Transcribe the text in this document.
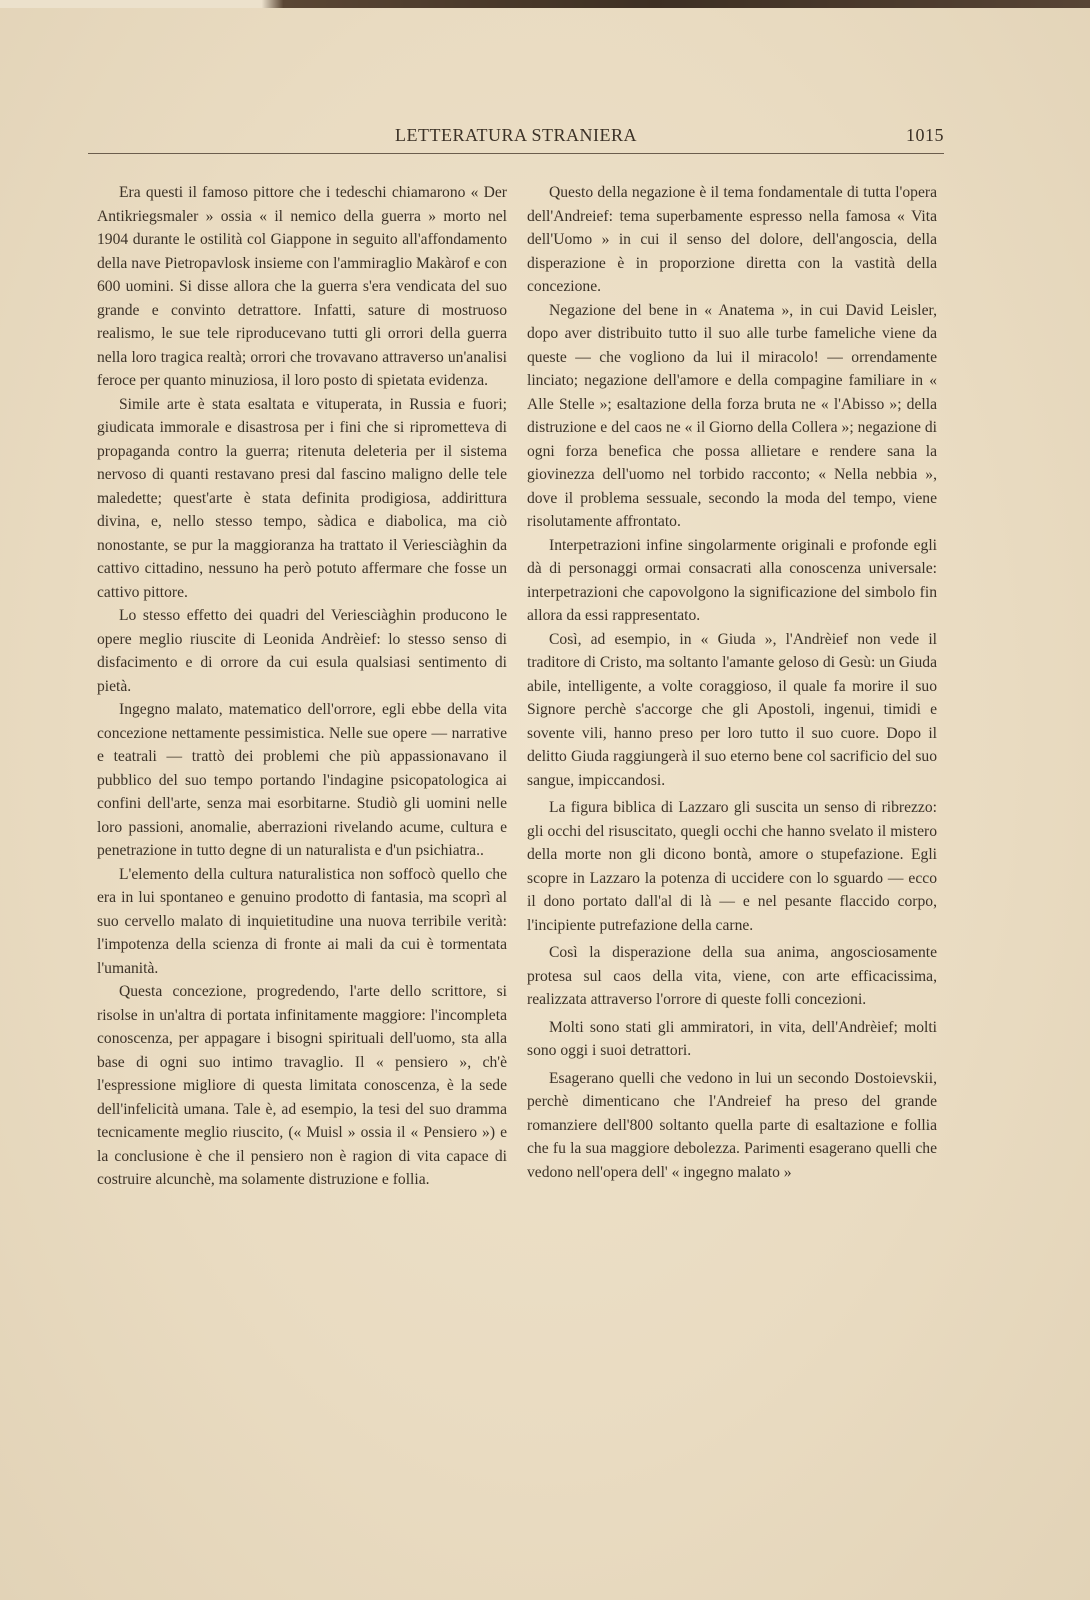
LETTERATURA STRANIERA	1015

Era questi il famoso pittore che i tedeschi chiamarono « Der Antikriegsmaler » ossia « il nemico della guerra » morto nel 1904 durante le ostilità col Giappone in seguito all'affondamento della nave Pietropavlosk insieme con l'ammiraglio Makàrof e con 600 uomini. Si disse allora che la guerra s'era vendicata del suo grande e convinto detrattore. Infatti, sature di mostruoso realismo, le sue tele riproducevano tutti gli orrori della guerra nella loro tragica realtà; orrori che trovavano attraverso un'analisi feroce per quanto minuziosa, il loro posto di spietata evidenza.

Simile arte è stata esaltata e vituperata, in Russia e fuori; giudicata immorale e disastrosa per i fini che si riprometteva di propaganda contro la guerra; ritenuta deleteria per il sistema nervoso di quanti restavano presi dal fascino maligno delle tele maledette; quest'arte è stata definita prodigiosa, addirittura divina, e, nello stesso tempo, sàdica e diabolica, ma ciò nonostante, se pur la maggioranza ha trattato il Veriesciàghin da cattivo cittadino, nessuno ha però potuto affermare che fosse un cattivo pittore.

Lo stesso effetto dei quadri del Veriesciàghin producono le opere meglio riuscite di Leonida Andrèief: lo stesso senso di disfacimento e di orrore da cui esula qualsiasi sentimento di pietà.

Ingegno malato, matematico dell'orrore, egli ebbe della vita concezione nettamente pessimistica. Nelle sue opere — narrative e teatrali — trattò dei problemi che più appassionavano il pubblico del suo tempo portando l'indagine psicopatologica ai confini dell'arte, senza mai esorbitarne. Studiò gli uomini nelle loro passioni, anomalie, aberrazioni rivelando acume, cultura e penetrazione in tutto degne di un naturalista e d'un psichiatra..

L'elemento della cultura naturalistica non soffocò quello che era in lui spontaneo e genuino prodotto di fantasia, ma scoprì al suo cervello malato di inquietitudine una nuova terribile verità: l'impotenza della scienza di fronte ai mali da cui è tormentata l'umanità.

Questa concezione, progredendo, l'arte dello scrittore, si risolse in un'altra di portata infinitamente maggiore: l'incompleta conoscenza, per appagare i bisogni spirituali dell'uomo, sta alla base di ogni suo intimo travaglio. Il « pensiero », ch'è l'espressione migliore di questa limitata conoscenza, è la sede dell'infelicità umana. Tale è, ad esempio, la tesi del suo dramma tecnicamente meglio riuscito, (« Muisl » ossia il « Pensiero ») e la conclusione è che il pensiero non è ragion di vita capace di costruire alcunchè, ma solamente distruzione e follia.

Questo della negazione è il tema fondamentale di tutta l'opera dell'Andreief: tema superbamente espresso nella famosa « Vita dell'Uomo » in cui il senso del dolore, dell'angoscia, della disperazione è in proporzione diretta con la vastità della concezione.

Negazione del bene in « Anatema », in cui David Leisler, dopo aver distribuito tutto il suo alle turbe fameliche viene da queste — che vogliono da lui il miracolo! — orrendamente linciato; negazione dell'amore e della compagine familiare in « Alle Stelle »; esaltazione della forza bruta ne « l'Abisso »; della distruzione e del caos ne « il Giorno della Collera »; negazione di ogni forza benefica che possa allietare e rendere sana la giovinezza dell'uomo nel torbido racconto; « Nella nebbia », dove il problema sessuale, secondo la moda del tempo, viene risolutamente affrontato.

Interpetrazioni infine singolarmente originali e profonde egli dà di personaggi ormai consacrati alla conoscenza universale: interpetrazioni che capovolgono la significazione del simbolo fin allora da essi rappresentato.

Così, ad esempio, in « Giuda », l'Andrèief non vede il traditore di Cristo, ma soltanto l'amante geloso di Gesù: un Giuda abile, intelligente, a volte coraggioso, il quale fa morire il suo Signore perchè s'accorge che gli Apostoli, ingenui, timidi e sovente vili, hanno preso per loro tutto il suo cuore. Dopo il delitto Giuda raggiungerà il suo eterno bene col sacrificio del suo sangue, impiccandosi.

La figura biblica di Lazzaro gli suscita un senso di ribrezzo: gli occhi del risuscitato, quegli occhi che hanno svelato il mistero della morte non gli dicono bontà, amore o stupefazione. Egli scopre in Lazzaro la potenza di uccidere con lo sguardo — ecco il dono portato dall'al di là — e nel pesante flaccido corpo, l'incipiente putrefazione della carne.

Così la disperazione della sua anima, angosciosamente protesa sul caos della vita, viene, con arte efficacissima, realizzata attraverso l'orrore di queste folli concezioni.

Molti sono stati gli ammiratori, in vita, dell'Andrèief; molti sono oggi i suoi detrattori.

Esagerano quelli che vedono in lui un secondo Dostoievskii, perchè dimenticano che l'Andreief ha preso del grande romanziere dell'800 soltanto quella parte di esaltazione e follia che fu la sua maggiore debolezza. Parimenti esagerano quelli che vedono nell'opera dell' « ingegno malato »
